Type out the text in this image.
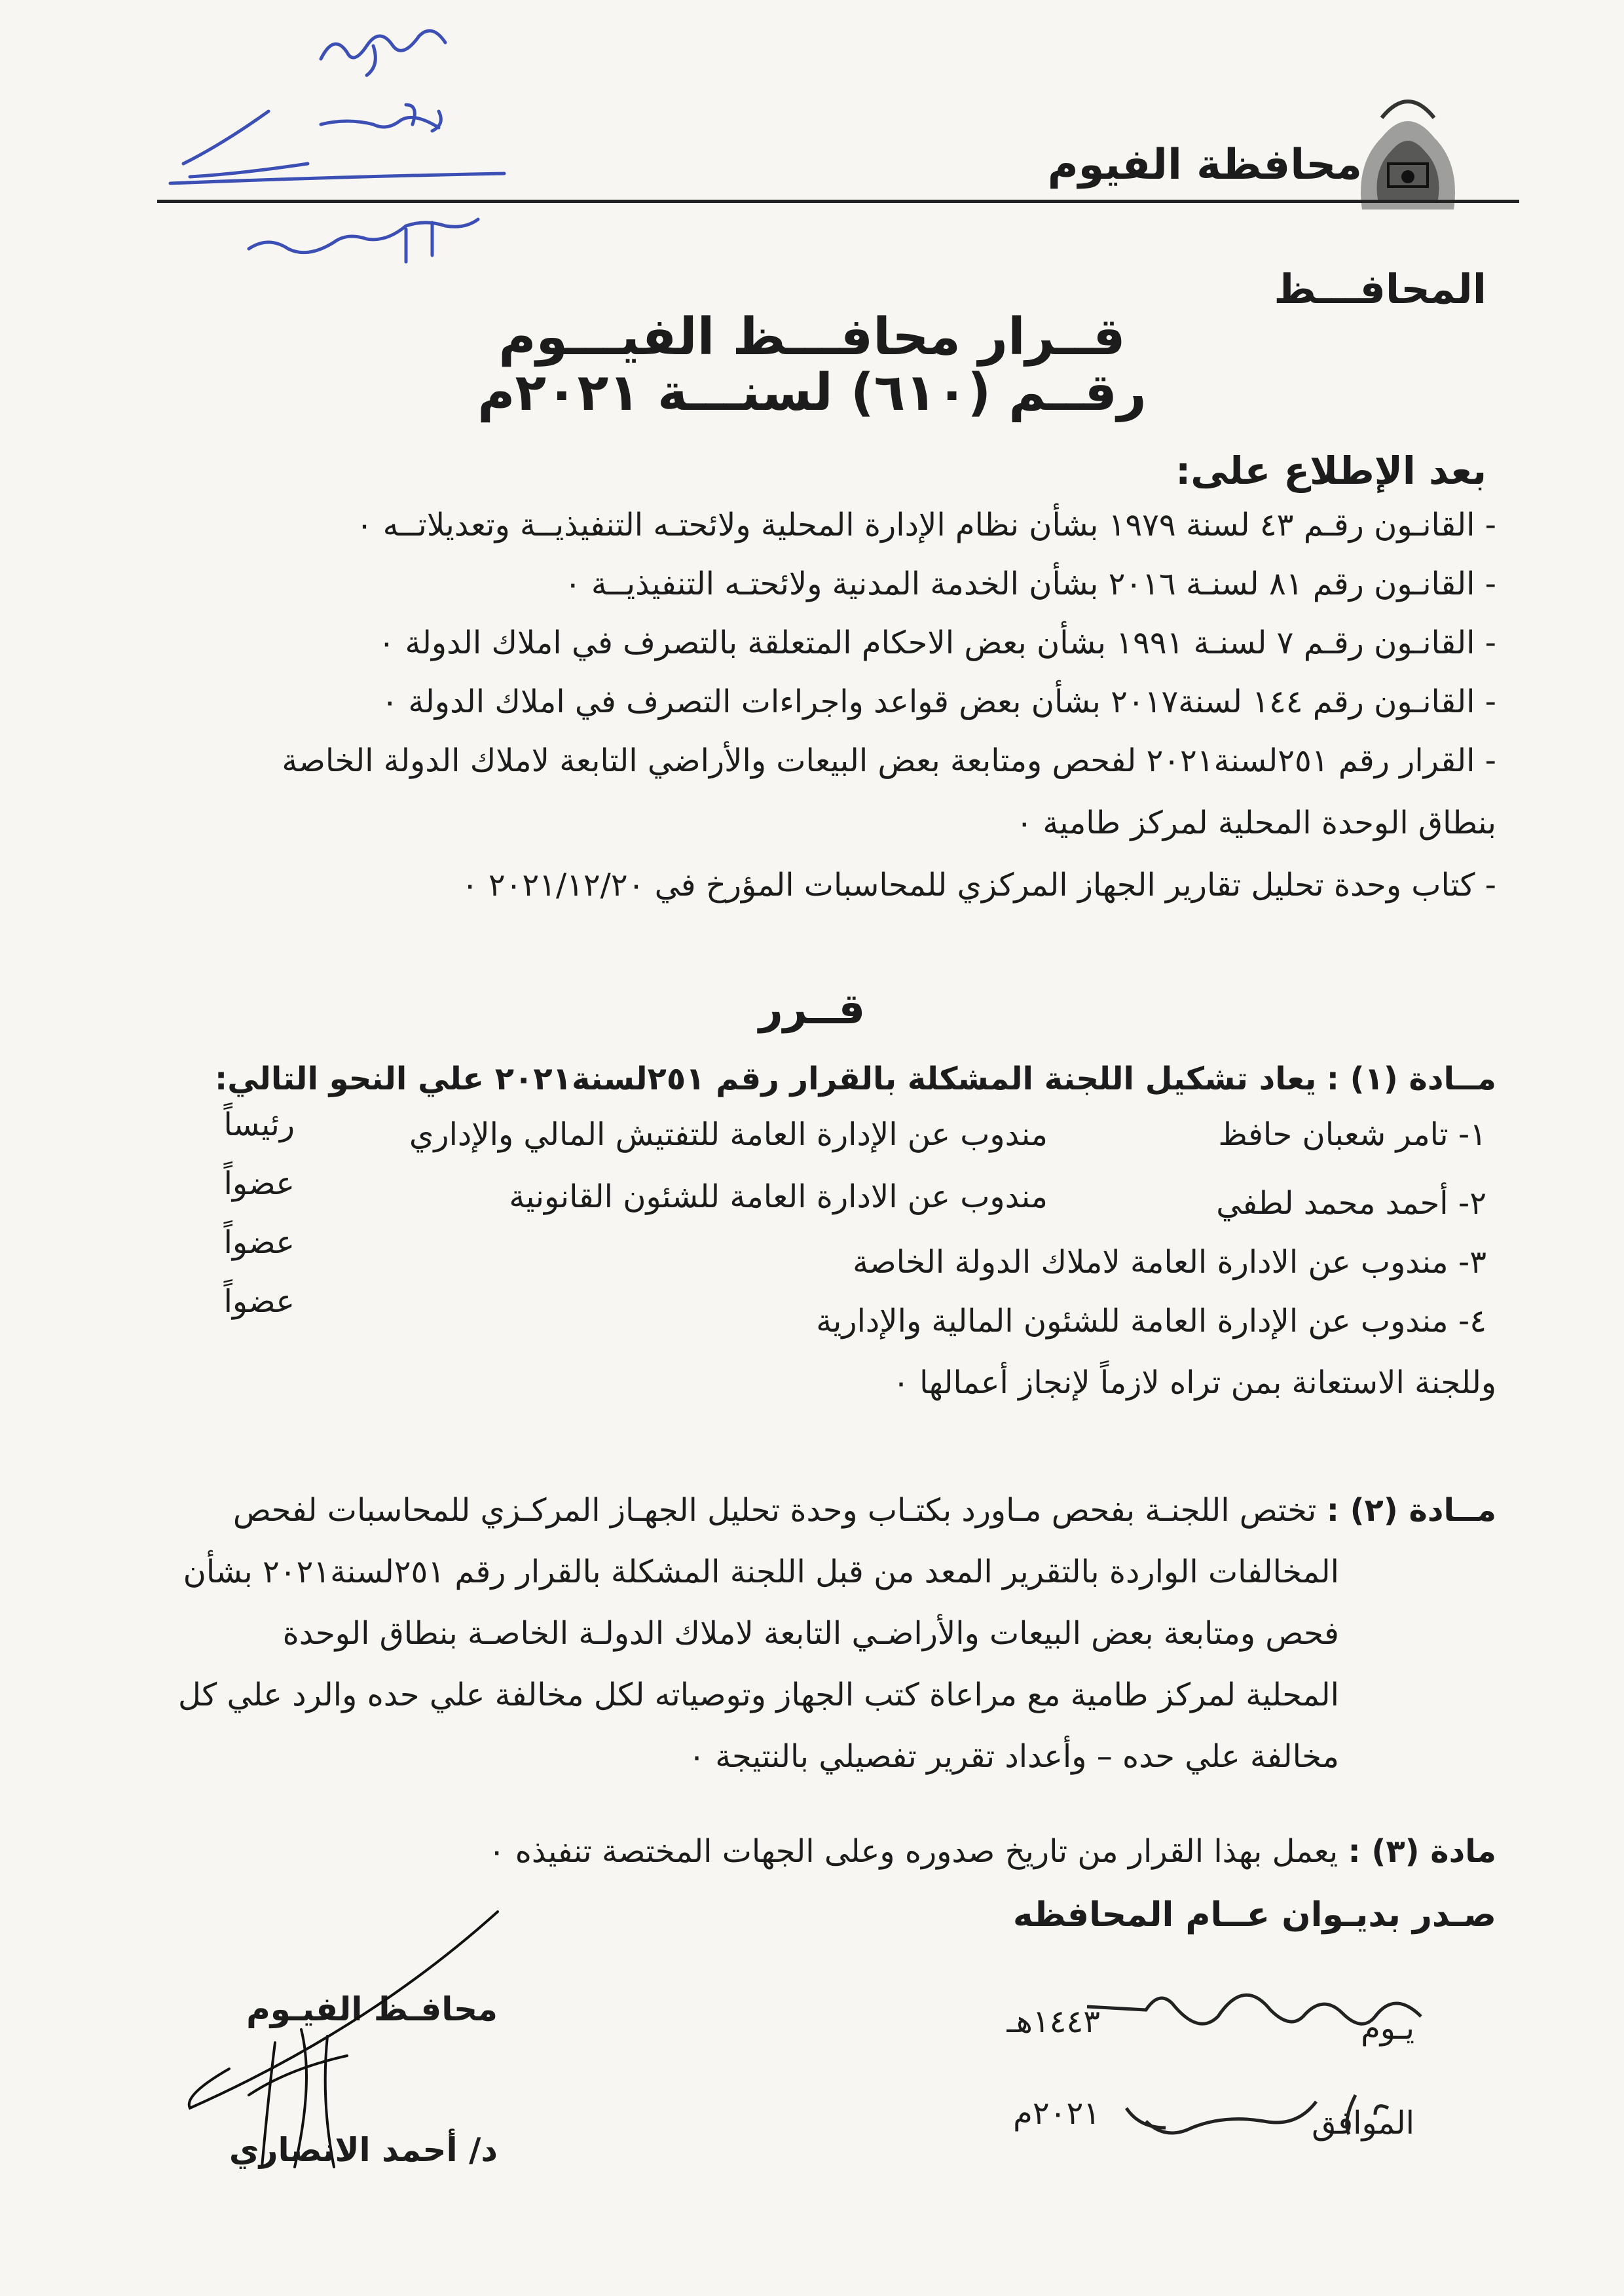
محافظة الفيوم
المحافـــظ
قــرار محافـــظ الفيـــوم
رقــم (٦١٠) لسنـــة ٢٠٢١م
بعد الإطلاع على:
- القانـون رقـم ٤٣ لسنة ١٩٧٩ بشأن نظام الإدارة المحلية ولائحتـه التنفيذيــة وتعديلاتــه ٠
- القانـون رقم ٨١ لسنـة ٢٠١٦ بشأن الخدمة المدنية ولائحتـه التنفيذيــة ٠
- القانـون رقـم ٧ لسنـة ١٩٩١ بشأن بعض الاحكام المتعلقة بالتصرف في املاك الدولة ٠
- القانـون رقم ١٤٤ لسنة٢٠١٧ بشأن بعض قواعد واجراءات التصرف في املاك الدولة ٠
- القرار رقم ٢٥١لسنة٢٠٢١ لفحص ومتابعة بعض البيعات والأراضي التابعة لاملاك الدولة الخاصة
بنطاق الوحدة المحلية لمركز طامية ٠
- كتاب وحدة تحليل تقارير الجهاز المركزي للمحاسبات المؤرخ في ٢٠٢١/١٢/٢٠ ٠
قــرر
مــادة (١) : يعاد تشكيل اللجنة المشكلة بالقرار رقم ٢٥١لسنة٢٠٢١ علي النحو التالي:
١- تامر شعبان حافظ
مندوب عن الإدارة العامة للتفتيش المالي والإداري
رئيساً
٢- أحمد محمد لطفي
مندوب عن الادارة العامة للشئون القانونية
عضواً
٣- مندوب عن الادارة العامة لاملاك الدولة الخاصة
عضواً
٤- مندوب عن الإدارة العامة للشئون المالية والإدارية
عضواً
وللجنة الاستعانة بمن تراه لازماً لإنجاز أعمالها ٠
مــادة (٢) : تختص اللجنـة بفحص مـاورد بكتـاب وحدة تحليل الجهـاز المركـزي للمحاسبات لفحص
المخالفات الواردة بالتقرير المعد من قبل اللجنة المشكلة بالقرار رقم ٢٥١لسنة٢٠٢١ بشأن
فحص ومتابعة بعض البيعات والأراضـي التابعة لاملاك الدولـة الخاصـة بنطاق الوحدة
المحلية لمركز طامية مع مراعاة كتب الجهاز وتوصياته لكل مخالفة علي حده والرد علي كل
مخالفة علي حده – وأعداد تقرير تفصيلي بالنتيجة ٠
مادة (٣) : يعمل بهذا القرار من تاريخ صدوره وعلى الجهات المختصة تنفيذه ٠
صـدر بديـوان عــام المحافظه
محافـظ الفيـوم
د/ أحمد الانصاري
يـوم
١٤٤٣هـ
الموافق
٢٠٢١م
